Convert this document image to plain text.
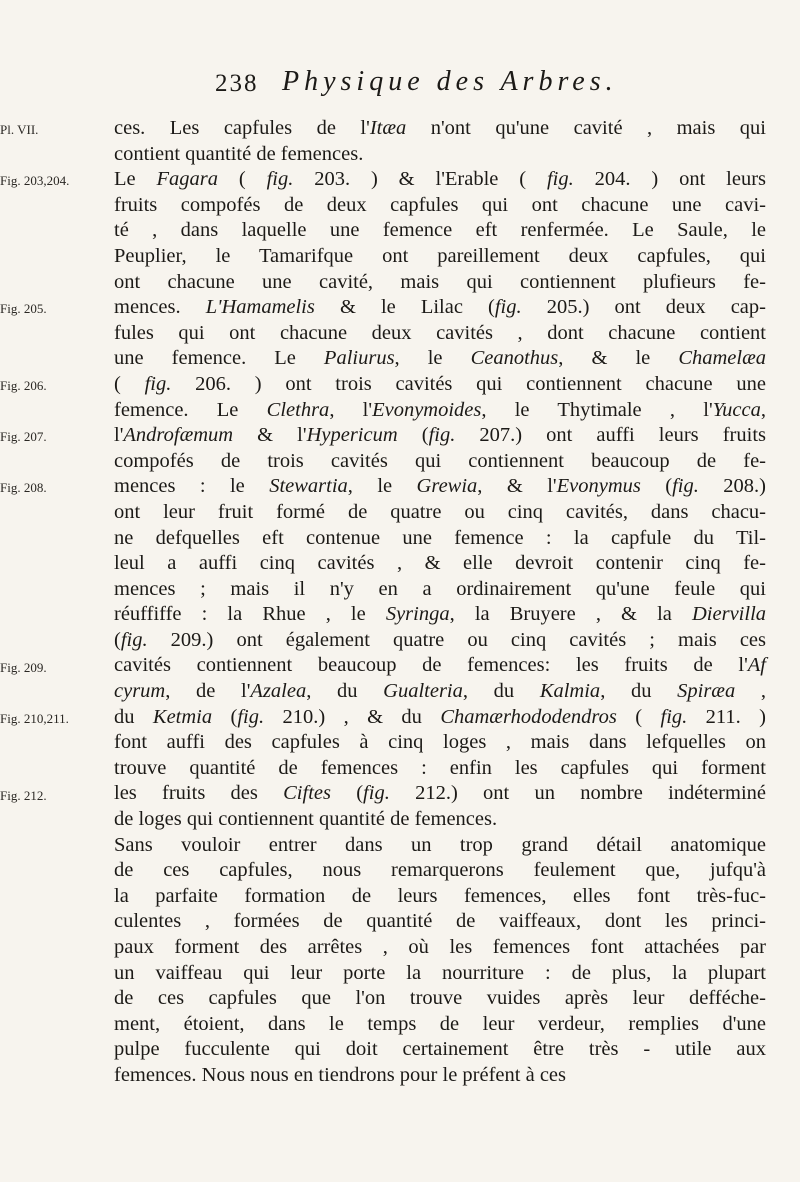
238 Physique des Arbres.
Pl. VII.
Fig. 203,204.
Fig. 205.
Fig. 206.
Fig. 207.
Fig. 208.
Fig. 209.
Fig. 210,211.
Fig. 212.
ces. Les capfules de l'Itæa n'ont qu'une cavité , mais qui
contient quantité de femences.
Le Fagara ( fig. 203. ) & l'Erable ( fig. 204. ) ont leurs
fruits compofés de deux capfules qui ont chacune une cavi-
té , dans laquelle une femence eft renfermée. Le Saule, le
Peuplier, le Tamarifque ont pareillement deux capfules, qui
ont chacune une cavité, mais qui contiennent plufieurs fe-
mences. L'Hamamelis & le Lilac (fig. 205.) ont deux cap-
fules qui ont chacune deux cavités , dont chacune contient
une femence. Le Paliurus, le Ceanothus, & le Chamelæa
( fig. 206. ) ont trois cavités qui contiennent chacune une
femence. Le Clethra, l'Evonymoides, le Thytimale , l'Yucca,
l'Androfæmum & l'Hypericum (fig. 207.) ont auffi leurs fruits
compofés de trois cavités qui contiennent beaucoup de fe-
mences : le Stewartia, le Grewia, & l'Evonymus (fig. 208.)
ont leur fruit formé de quatre ou cinq cavités, dans chacu-
ne defquelles eft contenue une femence : la capfule du Til-
leul a auffi cinq cavités , & elle devroit contenir cinq fe-
mences ; mais il n'y en a ordinairement qu'une feule qui
réuffiffe : la Rhue , le Syringa, la Bruyere , & la Diervilla
(fig. 209.) ont également quatre ou cinq cavités ; mais ces
cavités contiennent beaucoup de femences: les fruits de l'Af
cyrum, de l'Azalea, du Gualteria, du Kalmia, du Spiræa ,
du Ketmia (fig. 210.) , & du Chamærhododendros ( fig. 211. )
font auffi des capfules à cinq loges , mais dans lefquelles on
trouve quantité de femences : enfin les capfules qui forment
les fruits des Ciftes (fig. 212.) ont un nombre indéterminé
de loges qui contiennent quantité de femences.
Sans vouloir entrer dans un trop grand détail anatomique
de ces capfules, nous remarquerons feulement que, jufqu'à
la parfaite formation de leurs femences, elles font très-fuc-
culentes , formées de quantité de vaiffeaux, dont les princi-
paux forment des arrêtes , où les femences font attachées par
un vaiffeau qui leur porte la nourriture : de plus, la plupart
de ces capfules que l'on trouve vuides après leur defféche-
ment, étoient, dans le temps de leur verdeur, remplies d'une
pulpe fucculente qui doit certainement être très - utile aux
femences. Nous nous en tiendrons pour le préfent à ces
